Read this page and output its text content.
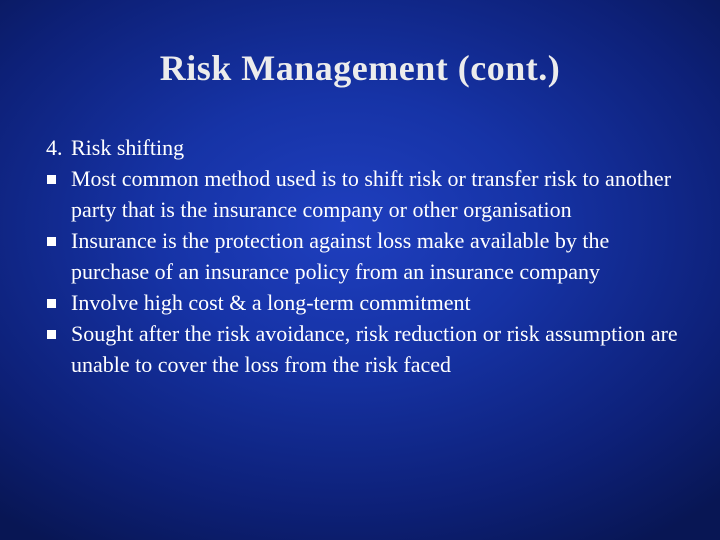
Risk Management (cont.)
4. Risk shifting
Most common method used is to shift risk or transfer risk to another party that is the insurance company or other organisation
Insurance is the protection against loss make available by the purchase of an insurance policy from an insurance company
Involve high cost & a long-term commitment
Sought after the risk avoidance, risk reduction or risk assumption are unable to cover the loss from the risk faced
